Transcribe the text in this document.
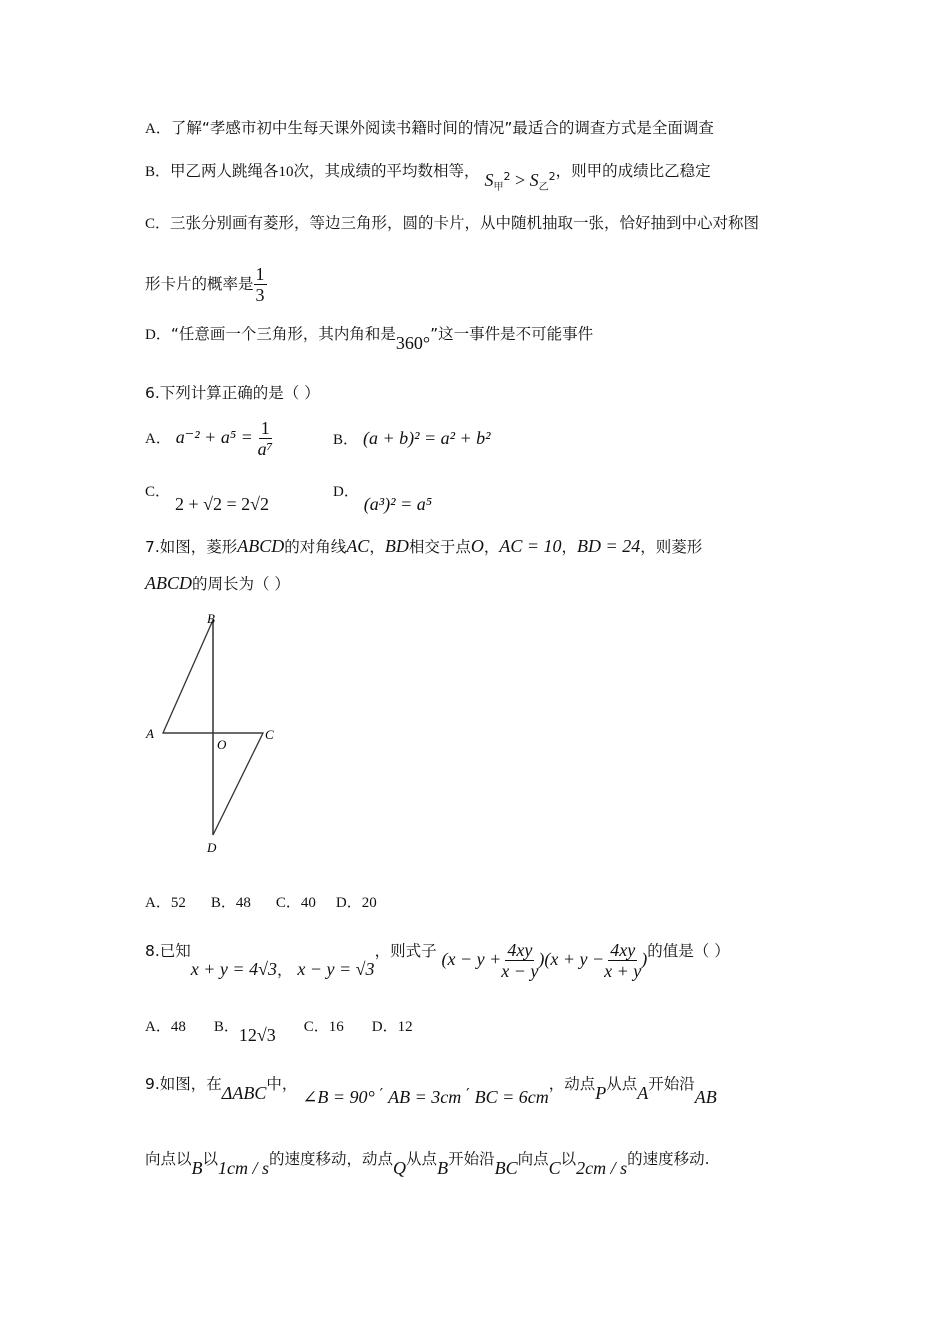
A．了解“孝感市初中生每天课外阅读书籍时间的情况”最适合的调查方式是全面调查
B．甲乙两人跳绳各10次，其成绩的平均数相等， $S_甲^2 > S_乙^2$，则甲的成绩比乙稳定
C．三张分别画有菱形，等边三角形，圆的卡片，从中随机抽取一张，恰好抽到中心对称图
形卡片的概率是 $\frac{1}{3}$
D．“任意画一个三角形，其内角和是360°”这一事件是不可能事件
6.下列计算正确的是（ ）
A． $a^{-2} + a^5 = \frac{1}{\text{a⁷}}$	B． (a + b)² = a² + b²
C． 2 + √2 = 2√2
D． (a³)² = a⁵
7.如图，菱形ABCD的对角线AC，BD相交于点O，AC = 10，BD = 24，则菱形
ABCD的周长为（ ）
B
A	C
O
D
A．52 B．48 C．40 D．20
8.已知x + y = 4√3， x − y = √3，则式子 $(x - y + \frac{4xy}{x - y} )(x + y - \frac{4xy}{x + y}$ )的值是（ ）
A．48 B．12√3 C．16 D．12
9.如图，在ΔABC中， ∠B = 90° ′ AB = 3cm ′ BC = 6cm，动点P从点A开始沿AB
向点以B以1cm / s的速度移动，动点Q从点B开始沿BC向点C以2cm / s的速度移动.
